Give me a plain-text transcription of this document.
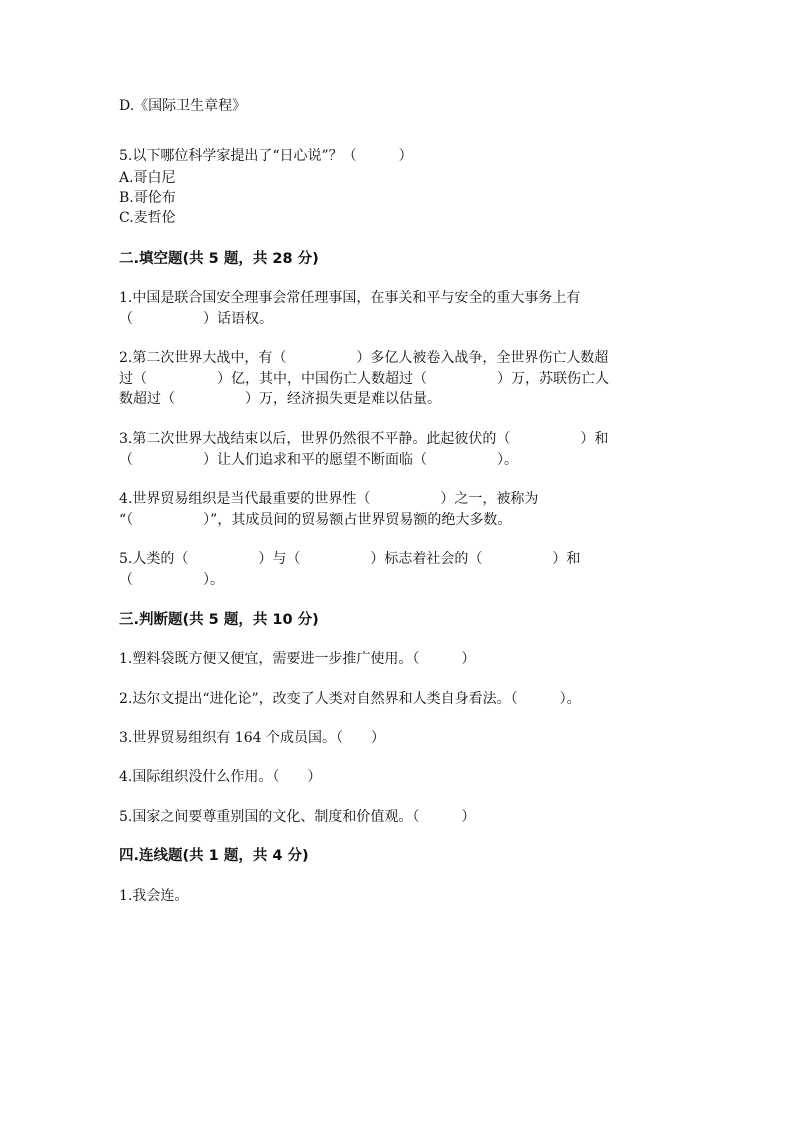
D.《国际卫生章程》

5.以下哪位科学家提出了“日心说”？（　　　）

A.哥白尼

B.哥伦布

C.麦哲伦

二.填空题(共 5 题，共 28 分)

1.中国是联合国安全理事会常任理事国，在事关和平与安全的重大事务上有

（　　　　　）话语权。

2.第二次世界大战中，有（　　　　　）多亿人被卷入战争，全世界伤亡人数超

过（　　　　　）亿，其中，中国伤亡人数超过（　　　　　）万，苏联伤亡人

数超过（　　　　　）万，经济损失更是难以估量。

3.第二次世界大战结束以后，世界仍然很不平静。此起彼伏的（　　　　　）和

（　　　　　）让人们追求和平的愿望不断面临（　　　　　）。

4.世界贸易组织是当代最重要的世界性（　　　　　）之一，被称为

“（　　　　　）”，其成员间的贸易额占世界贸易额的绝大多数。

5.人类的（　　　　　）与（　　　　　）标志着社会的（　　　　　）和

（　　　　　）。

三.判断题(共 5 题，共 10 分)

1.塑料袋既方便又便宜，需要进一步推广使用。（　　　）

2.达尔文提出“进化论”，改变了人类对自然界和人类自身看法。（　　　）。

3.世界贸易组织有 164 个成员国。（　　）

4.国际组织没什么作用。（　　）

5.国家之间要尊重别国的文化、制度和价值观。（　　　）

四.连线题(共 1 题，共 4 分)

1.我会连。
